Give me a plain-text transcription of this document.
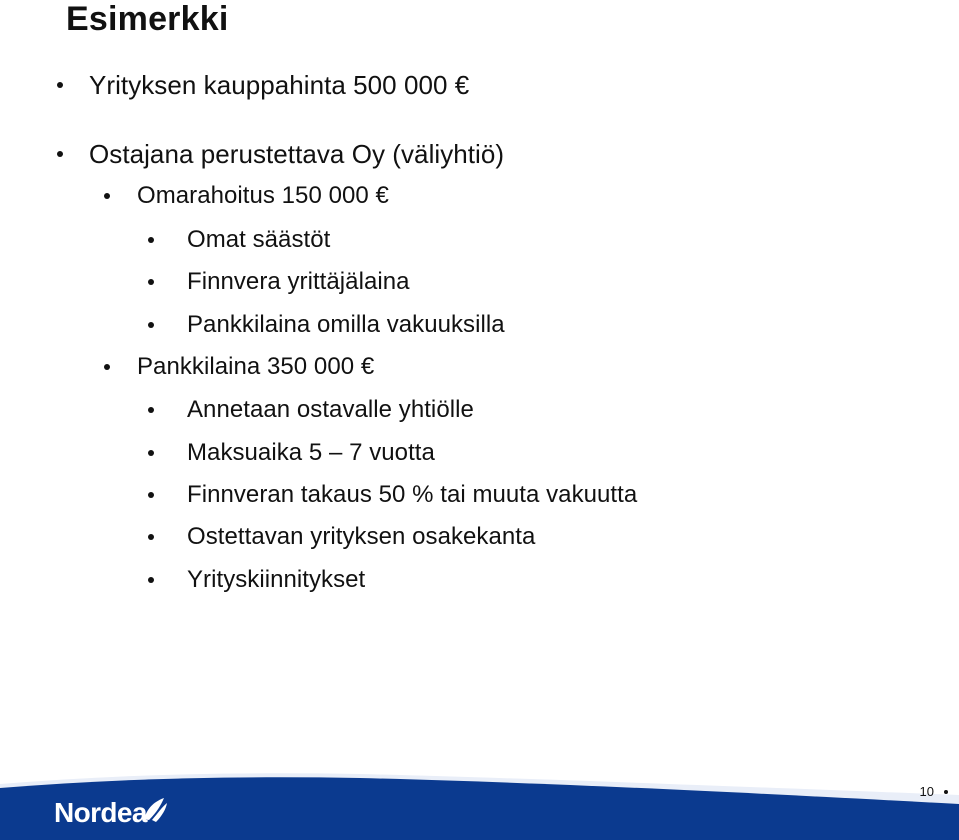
Esimerkki
Yrityksen kauppahinta 500 000 €
Ostajana perustettava Oy (väliyhtiö)
Omarahoitus 150 000 €
Omat säästöt
Finnvera yrittäjälaina
Pankkilaina omilla vakuuksilla
Pankkilaina 350 000 €
Annetaan ostavalle yhtiölle
Maksuaika 5 – 7 vuotta
Finnveran takaus 50 % tai muuta vakuutta
Ostettavan yrityksen osakekanta
Yrityskiinnitykset
Nordea
10
